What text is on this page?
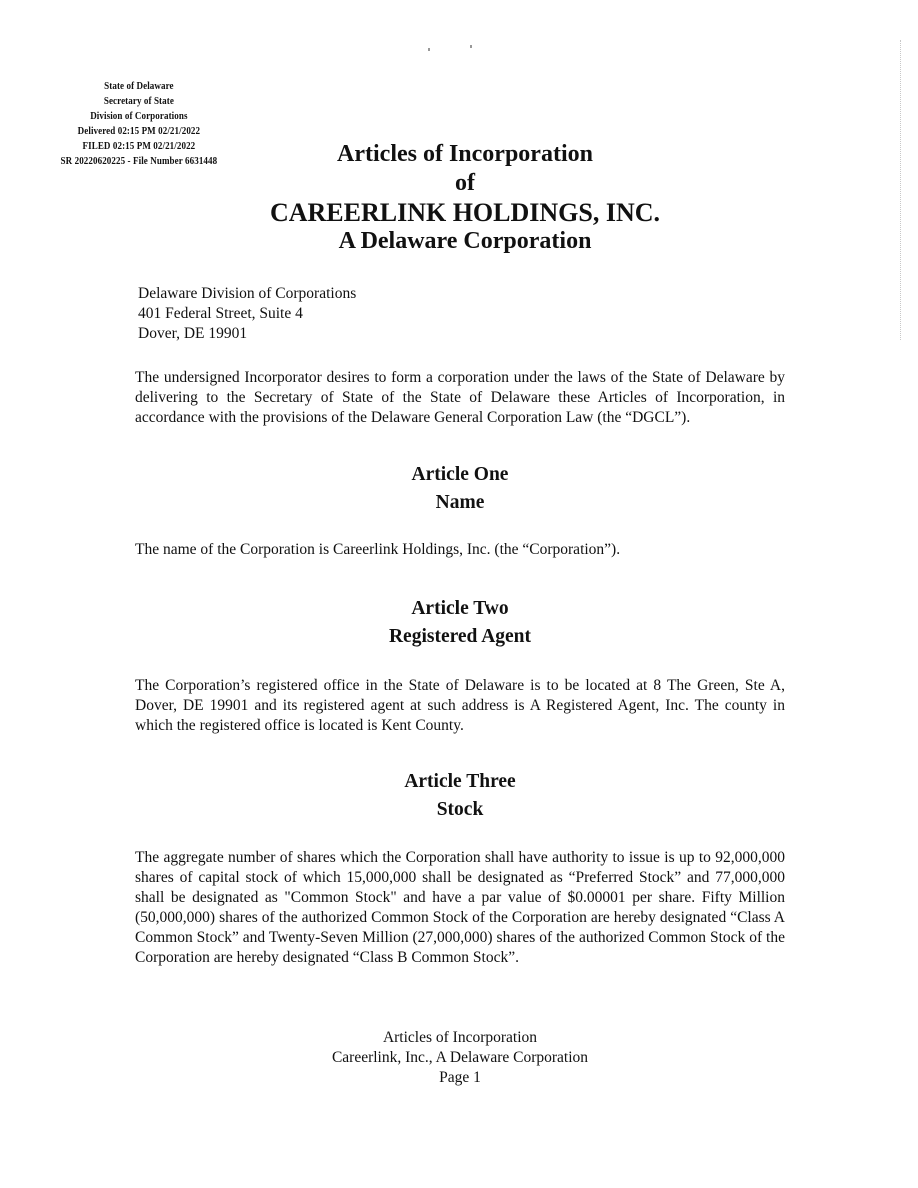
State of Delaware
Secretary of State
Division of Corporations
Delivered 02:15 PM 02/21/2022
FILED 02:15 PM 02/21/2022
SR 20220620225 - File Number 6631448	Articles of Incorporation
of
CAREERLINK HOLDINGS, INC.
A Delaware Corporation
Delaware Division of Corporations
401 Federal Street, Suite 4
Dover, DE 19901
The undersigned Incorporator desires to form a corporation under the laws of the State of Delaware by delivering to the Secretary of State of the State of Delaware these Articles of Incorporation, in accordance with the provisions of the Delaware General Corporation Law (the “DGCL”).
Article One
Name
The name of the Corporation is Careerlink Holdings, Inc. (the “Corporation”).
Article Two
Registered Agent
The Corporation’s registered office in the State of Delaware is to be located at 8 The Green, Ste A, Dover, DE 19901 and its registered agent at such address is A Registered Agent, Inc. The county in which the registered office is located is Kent County.
Article Three
Stock
The aggregate number of shares which the Corporation shall have authority to issue is up to 92,000,000 shares of capital stock of which 15,000,000 shall be designated as “Preferred Stock” and 77,000,000 shall be designated as "Common Stock" and have a par value of $0.00001 per share. Fifty Million (50,000,000) shares of the authorized Common Stock of the Corporation are hereby designated “Class A Common Stock” and Twenty-Seven Million (27,000,000) shares of the authorized Common Stock of the Corporation are hereby designated “Class B Common Stock”.
Articles of Incorporation
Careerlink, Inc., A Delaware Corporation
Page 1
